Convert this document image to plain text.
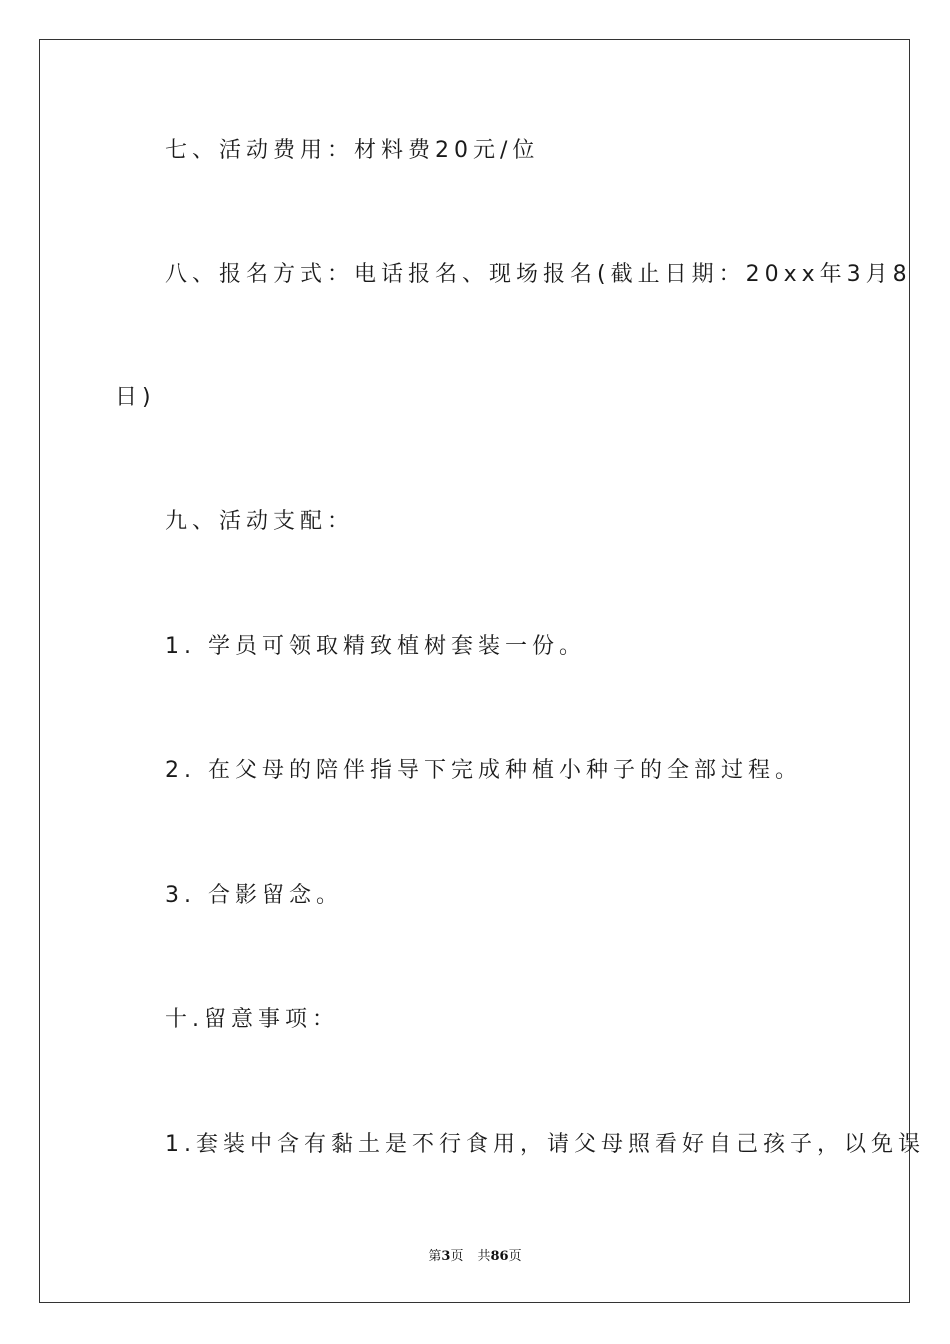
七、活动费用：材料费20元/位
八、报名方式：电话报名、现场报名(截止日期：20xx年3月8
日)
九、活动支配：
1. 学员可领取精致植树套装一份。
2. 在父母的陪伴指导下完成种植小种子的全部过程。
3. 合影留念。
十.留意事项：
1.套装中含有黏土是不行食用，请父母照看好自己孩子，以免误
第3页 共86页
